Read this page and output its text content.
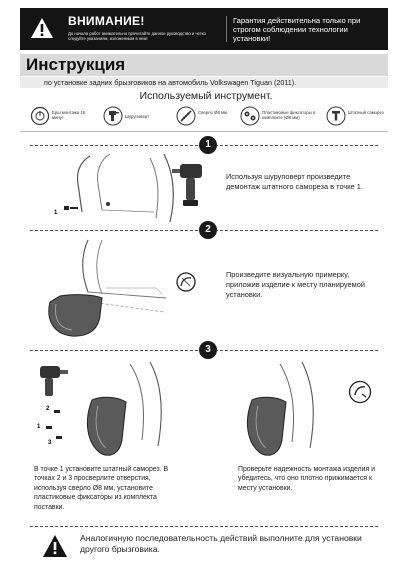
ВНИМАНИЕ!
До начала работ внимательно прочитайте данное руководство и четко следуйте указаниям, изложенным в нем!
Гарантия действительна только при строгом соблюдении технологии установки!
Инструкция
по установке задних брызговиков на автомобиль Volkswagen Tiguan (2011).
Используемый инструмент.
Ерш монтажа 15 минут	Шуруповерт
Сверло Ø8 мм	Пластиковые фиксаторы в комплекте (Ø8 мм)
Штатный саморез
1
1
Используя шуруповерт произведите демонтаж штатного самореза в точке 1.
2
Произведите визуальную примерку, приложив изделие к месту планируемой установки.
3
2
1
3
В точке 1 установите штатный саморез. В точках 2 и 3 просверлите отверстия, используя сверло Ø8 мм, установите пластиковые фиксаторы из комплекта поставки.
Проверьте надежность монтажа изделия и убедитесь, что оно плотно прижимается к месту установки.
Аналогичную последовательность действий выполните для установки другого брызговика.
